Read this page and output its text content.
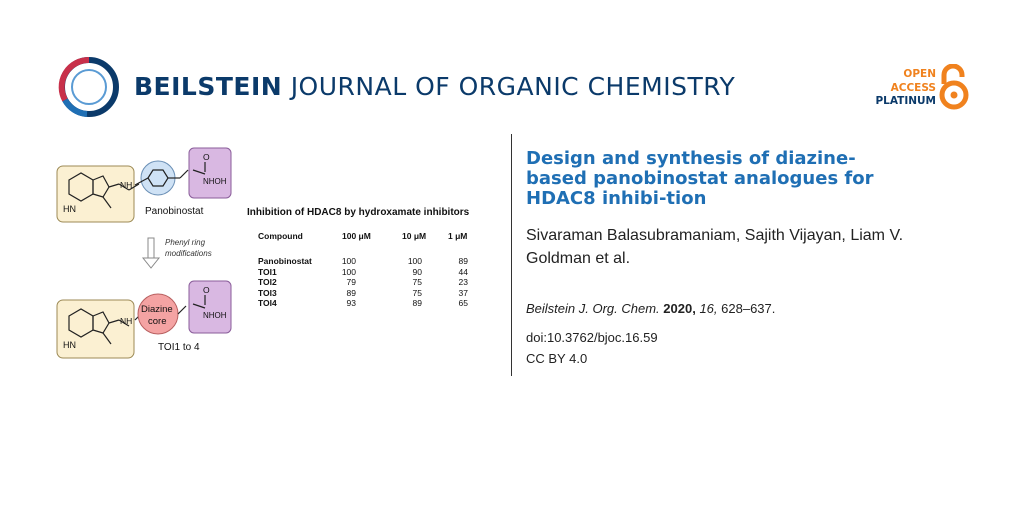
BEILSTEIN JOURNAL OF ORGANIC CHEMISTRY	OPEN
ACCESS
PLATINUM
HN
NH
O
NHOH
Panobinostat
Phenyl ring
modifications
HN
NH
Diazine
core
O
NHOH
TOI1 to 4
Inhibition of HDAC8 by hydroxamate inhibitors
Compound	100 μM	10 μM	1 μM
Panobinostat	100	100	89
TOI1	100	90	44
TOI2	79	75	23
TOI3	89	75	37
TOI4	93	89	65
Design and synthesis of diazine-based panobinostat analogues for HDAC8 inhibi-tion
Sivaraman Balasubramaniam, Sajith Vijayan, Liam V. Goldman et al.
Beilstein J. Org. Chem. 2020, 16, 628–637.
doi:10.3762/bjoc.16.59
CC BY 4.0
